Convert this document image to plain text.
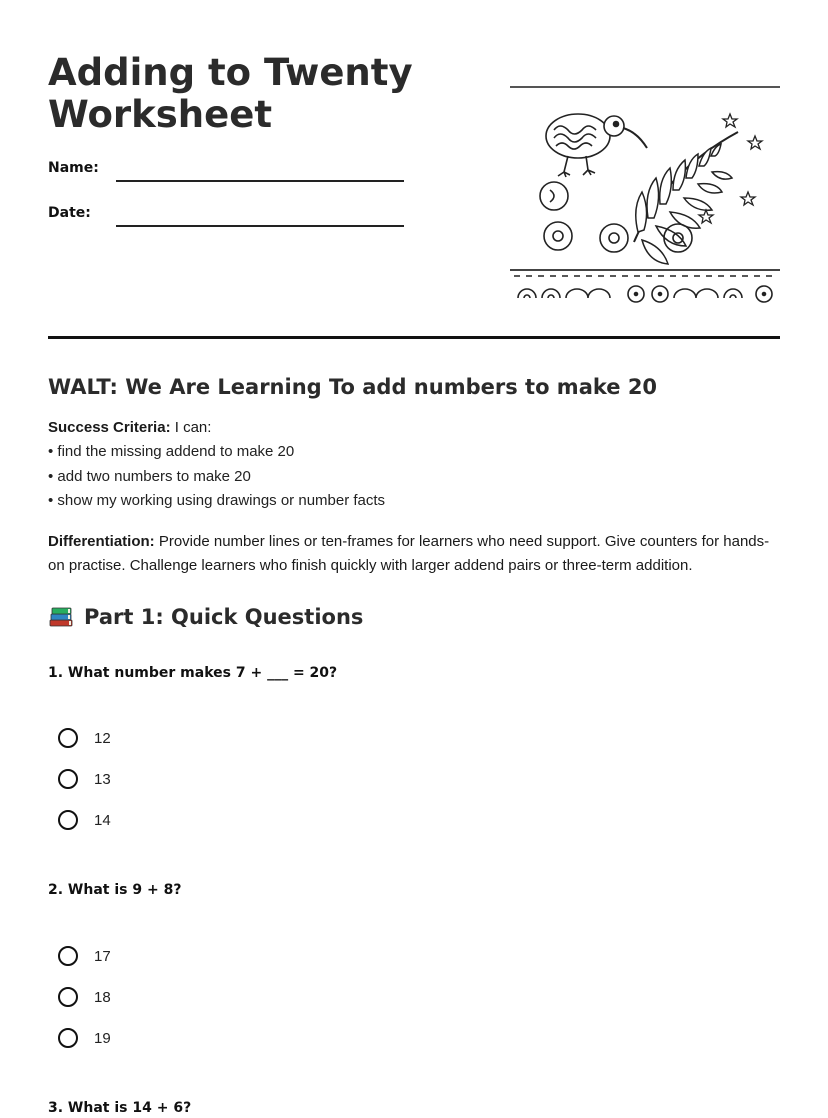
Adding to Twenty Worksheet
Name:
Date:
WALT: We Are Learning To add numbers to make 20

Success Criteria: I can:

• find the missing addend to make 20
• add two numbers to make 20
• show my working using drawings or number facts

Differentiation: Provide number lines or ten-frames for learners who need support. Give counters for hands-on practise. Challenge learners who finish quickly with larger addend pairs or three-term addition.

Part 1: Quick Questions

1. What number makes 7 + ___ = 20?

12
13
14

2. What is 9 + 8?

17
18
19

3. What is 14 + 6?
